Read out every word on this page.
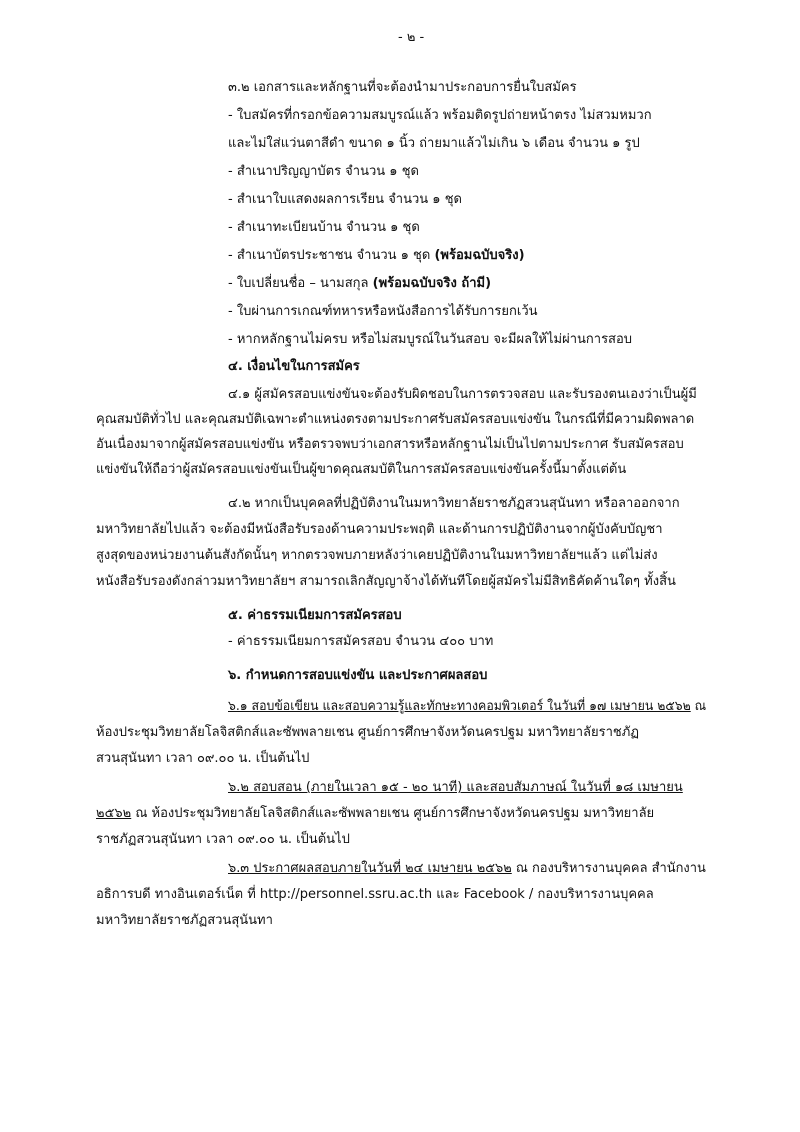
- ๒ -
๓.๒ เอกสารและหลักฐานที่จะต้องนำมาประกอบการยื่นใบสมัคร
- ใบสมัครที่กรอกข้อความสมบูรณ์แล้ว พร้อมติดรูปถ่ายหน้าตรง ไม่สวมหมวก
และไม่ใส่แว่นตาสีดำ ขนาด ๑ นิ้ว ถ่ายมาแล้วไม่เกิน ๖ เดือน จำนวน ๑ รูป
- สำเนาปริญญาบัตร จำนวน ๑ ชุด
- สำเนาใบแสดงผลการเรียน จำนวน ๑ ชุด
- สำเนาทะเบียนบ้าน จำนวน ๑ ชุด
- สำเนาบัตรประชาชน จำนวน ๑ ชุด (พร้อมฉบับจริง)
- ใบเปลี่ยนชื่อ – นามสกุล (พร้อมฉบับจริง ถ้ามี)
- ใบผ่านการเกณฑ์ทหารหรือหนังสือการได้รับการยกเว้น
- หากหลักฐานไม่ครบ หรือไม่สมบูรณ์ในวันสอบ จะมีผลให้ไม่ผ่านการสอบ
๔. เงื่อนไขในการสมัคร
๔.๑ ผู้สมัครสอบแข่งขันจะต้องรับผิดชอบในการตรวจสอบ และรับรองตนเองว่าเป็นผู้มี
คุณสมบัติทั่วไป และคุณสมบัติเฉพาะตำแหน่งตรงตามประกาศรับสมัครสอบแข่งขัน ในกรณีที่มีความผิดพลาด
อันเนื่องมาจากผู้สมัครสอบแข่งขัน หรือตรวจพบว่าเอกสารหรือหลักฐานไม่เป็นไปตามประกาศ รับสมัครสอบ
แข่งขันให้ถือว่าผู้สมัครสอบแข่งขันเป็นผู้ขาดคุณสมบัติในการสมัครสอบแข่งขันครั้งนี้มาตั้งแต่ต้น
๔.๒ หากเป็นบุคคลที่ปฏิบัติงานในมหาวิทยาลัยราชภัฏสวนสุนันทา หรือลาออกจาก
มหาวิทยาลัยไปแล้ว จะต้องมีหนังสือรับรองด้านความประพฤติ และด้านการปฏิบัติงานจากผู้บังคับบัญชา
สูงสุดของหน่วยงานต้นสังกัดนั้นๆ หากตรวจพบภายหลังว่าเคยปฏิบัติงานในมหาวิทยาลัยฯแล้ว แต่ไม่ส่ง
หนังสือรับรองดังกล่าวมหาวิทยาลัยฯ สามารถเลิกสัญญาจ้างได้ทันทีโดยผู้สมัครไม่มีสิทธิคัดค้านใดๆ ทั้งสิ้น
๕. ค่าธรรมเนียมการสมัครสอบ
- ค่าธรรมเนียมการสมัครสอบ จำนวน ๔๐๐ บาท
๖. กำหนดการสอบแข่งขัน และประกาศผลสอบ
๖.๑ สอบข้อเขียน และสอบความรู้และทักษะทางคอมพิวเตอร์ ในวันที่ ๑๗ เมษายน ๒๕๖๒ ณ
ห้องประชุมวิทยาลัยโลจิสติกส์และซัพพลายเชน ศูนย์การศึกษาจังหวัดนครปฐม มหาวิทยาลัยราชภัฏ
สวนสุนันทา เวลา ๐๙.๐๐ น. เป็นต้นไป
๖.๒ สอบสอน (ภายในเวลา ๑๕ - ๒๐ นาที) และสอบสัมภาษณ์ ในวันที่ ๑๘ เมษายน
๒๕๖๒ ณ ห้องประชุมวิทยาลัยโลจิสติกส์และซัพพลายเชน ศูนย์การศึกษาจังหวัดนครปฐม มหาวิทยาลัย
ราชภัฏสวนสุนันทา เวลา ๐๙.๐๐ น. เป็นต้นไป
๖.๓ ประกาศผลสอบภายในวันที่ ๒๔ เมษายน ๒๕๖๒ ณ กองบริหารงานบุคคล สำนักงาน
อธิการบดี ทางอินเตอร์เน็ต ที่ http://personnel.ssru.ac.th และ Facebook / กองบริหารงานบุคคล
มหาวิทยาลัยราชภัฏสวนสุนันทา
